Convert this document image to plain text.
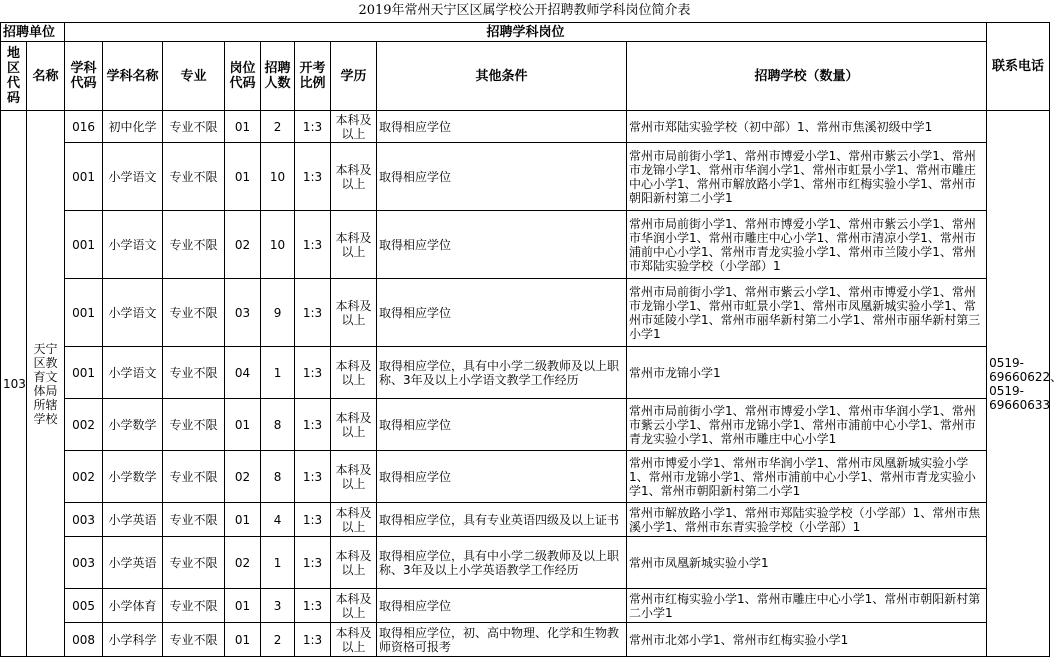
2019年常州天宁区区属学校公开招聘教师学科岗位简介表
招聘单位		招聘学科岗位									联系电话
地区代码	名称	学科代码	学科名称	专业	岗位代码	招聘人数	开考比例	学历	其他条件	招聘学校（数量）	
103	天宁区教育文体局所辖学校	016	初中化学	专业不限	01	2	1:3	本科及以上	取得相应学位	常州市郑陆实验学校（初中部）1、常州市焦溪初级中学1	0519-69660622、0519-69660633
		001	小学语文	专业不限	01	10	1:3	本科及以上	取得相应学位	常州市局前街小学1、常州市博爱小学1、常州市紫云小学1、常州市龙锦小学1、常州市华润小学1、常州市虹景小学1、常州市雕庄中心小学1、常州市解放路小学1、常州市红梅实验小学1、常州市朝阳新村第二小学1	
		001	小学语文	专业不限	02	10	1:3	本科及以上	取得相应学位	常州市局前街小学1、常州市博爱小学1、常州市紫云小学1、常州市华润小学1、常州市雕庄中心小学1、常州市清凉小学1、常州市浦前中心小学1、常州市青龙实验小学1、常州市兰陵小学1、常州市郑陆实验学校（小学部）1	
		001	小学语文	专业不限	03	9	1:3	本科及以上	取得相应学位	常州市局前街小学1、常州市紫云小学1、常州市博爱小学1、常州市龙锦小学1、常州市虹景小学1、常州市凤凰新城实验小学1、常州市延陵小学1、常州市丽华新村第二小学1、常州市丽华新村第三小学1	
		001	小学语文	专业不限	04	1	1:3	本科及以上	取得相应学位，具有中小学二级教师及以上职称、3年及以上小学语文教学工作经历	常州市龙锦小学1	
		002	小学数学	专业不限	01	8	1:3	本科及以上	取得相应学位	常州市局前街小学1、常州市博爱小学1、常州市华润小学1、常州市紫云小学1、常州市龙锦小学1、常州市浦前中心小学1、常州市青龙实验小学1、常州市雕庄中心小学1	
		002	小学数学	专业不限	02	8	1:3	本科及以上	取得相应学位	常州市博爱小学1、常州市华润小学1、常州市凤凰新城实验小学1、常州市龙锦小学1、常州市浦前中心小学1、常州市青龙实验小学1、常州市朝阳新村第二小学1	
		003	小学英语	专业不限	01	4	1:3	本科及以上	取得相应学位，具有专业英语四级及以上证书	常州市解放路小学1、常州市郑陆实验学校（小学部）1、常州市焦溪小学1、常州市东青实验学校（小学部）1	
		003	小学英语	专业不限	02	1	1:3	本科及以上	取得相应学位，具有中小学二级教师及以上职称、3年及以上小学英语教学工作经历	常州市凤凰新城实验小学1	
		005	小学体育	专业不限	01	3	1:3	本科及以上	取得相应学位	常州市红梅实验小学1、常州市雕庄中心小学1、常州市朝阳新村第二小学1	
		008	小学科学	专业不限	01	2	1:3	本科及以上	取得相应学位，初、高中物理、化学和生物教师资格可报考	常州市北郊小学1、常州市红梅实验小学1	
